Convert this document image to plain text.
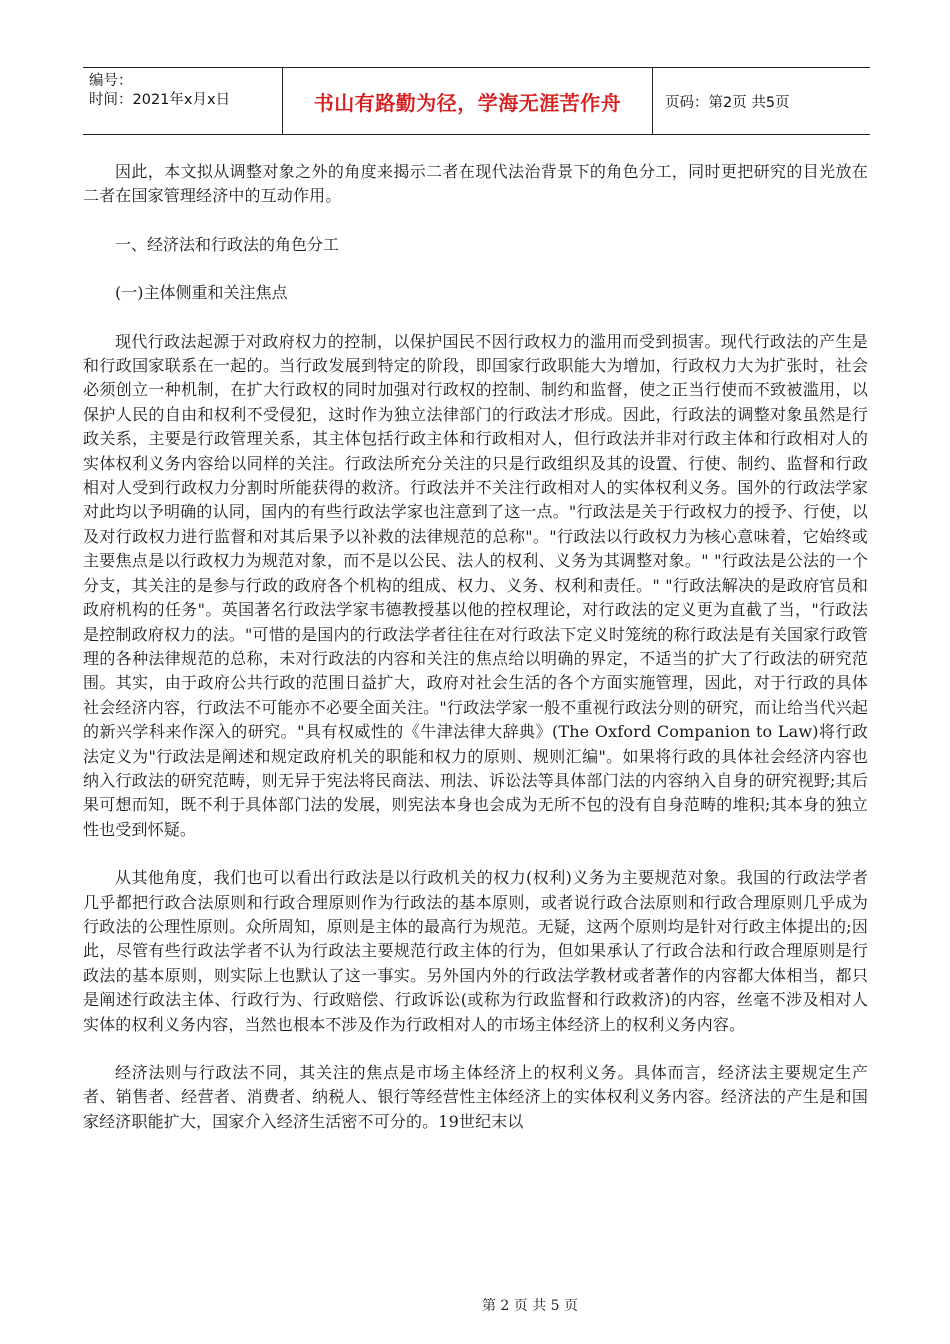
编号：
时间：2021年x月x日	书山有路勤为径，学海无涯苦作舟	页码：第2页 共5页

因此，本文拟从调整对象之外的角度来揭示二者在现代法治背景下的角色分工，同时更把研究的目光放在二者在国家管理经济中的互动作用。

一、经济法和行政法的角色分工

(一)主体侧重和关注焦点

现代行政法起源于对政府权力的控制，以保护国民不因行政权力的滥用而受到损害。现代行政法的产生是和行政国家联系在一起的。当行政发展到特定的阶段，即国家行政职能大为增加，行政权力大为扩张时，社会必须创立一种机制，在扩大行政权的同时加强对行政权的控制、制约和监督，使之正当行使而不致被滥用，以保护人民的自由和权利不受侵犯，这时作为独立法律部门的行政法才形成。因此，行政法的调整对象虽然是行政关系，主要是行政管理关系，其主体包括行政主体和行政相对人，但行政法并非对行政主体和行政相对人的实体权利义务内容给以同样的关注。行政法所充分关注的只是行政组织及其的设置、行使、制约、监督和行政相对人受到行政权力分割时所能获得的救济。行政法并不关注行政相对人的实体权利义务。国外的行政法学家对此均以予明确的认同，国内的有些行政法学家也注意到了这一点。"行政法是关于行政权力的授予、行使，以及对行政权力进行监督和对其后果予以补救的法律规范的总称"。"行政法以行政权力为核心意味着，它始终或主要焦点是以行政权力为规范对象，而不是以公民、法人的权利、义务为其调整对象。" "行政法是公法的一个分支，其关注的是参与行政的政府各个机构的组成、权力、义务、权利和责任。" "行政法解决的是政府官员和政府机构的任务"。英国著名行政法学家韦德教授基以他的控权理论，对行政法的定义更为直截了当，"行政法是控制政府权力的法。"可惜的是国内的行政法学者往往在对行政法下定义时笼统的称行政法是有关国家行政管理的各种法律规范的总称，未对行政法的内容和关注的焦点给以明确的界定，不适当的扩大了行政法的研究范围。其实，由于政府公共行政的范围日益扩大，政府对社会生活的各个方面实施管理，因此，对于行政的具体社会经济内容，行政法不可能亦不必要全面关注。"行政法学家一般不重视行政法分则的研究，而让给当代兴起的新兴学科来作深入的研究。"具有权威性的《牛津法律大辞典》(The Oxford Companion to Law)将行政法定义为"行政法是阐述和规定政府机关的职能和权力的原则、规则汇编"。如果将行政的具体社会经济内容也纳入行政法的研究范畴，则无异于宪法将民商法、刑法、诉讼法等具体部门法的内容纳入自身的研究视野;其后果可想而知，既不利于具体部门法的发展，则宪法本身也会成为无所不包的没有自身范畴的堆积;其本身的独立性也受到怀疑。

从其他角度，我们也可以看出行政法是以行政机关的权力(权利)义务为主要规范对象。我国的行政法学者几乎都把行政合法原则和行政合理原则作为行政法的基本原则，或者说行政合法原则和行政合理原则几乎成为行政法的公理性原则。众所周知，原则是主体的最高行为规范。无疑，这两个原则均是针对行政主体提出的;因此，尽管有些行政法学者不认为行政法主要规范行政主体的行为，但如果承认了行政合法和行政合理原则是行政法的基本原则，则实际上也默认了这一事实。另外国内外的行政法学教材或者著作的内容都大体相当，都只是阐述行政法主体、行政行为、行政赔偿、行政诉讼(或称为行政监督和行政救济)的内容，丝毫不涉及相对人实体的权利义务内容，当然也根本不涉及作为行政相对人的市场主体经济上的权利义务内容。

经济法则与行政法不同，其关注的焦点是市场主体经济上的权利义务。具体而言，经济法主要规定生产者、销售者、经营者、消费者、纳税人、银行等经营性主体经济上的实体权利义务内容。经济法的产生是和国家经济职能扩大，国家介入经济生活密不可分的。19世纪末以

第 2 页 共 5 页
